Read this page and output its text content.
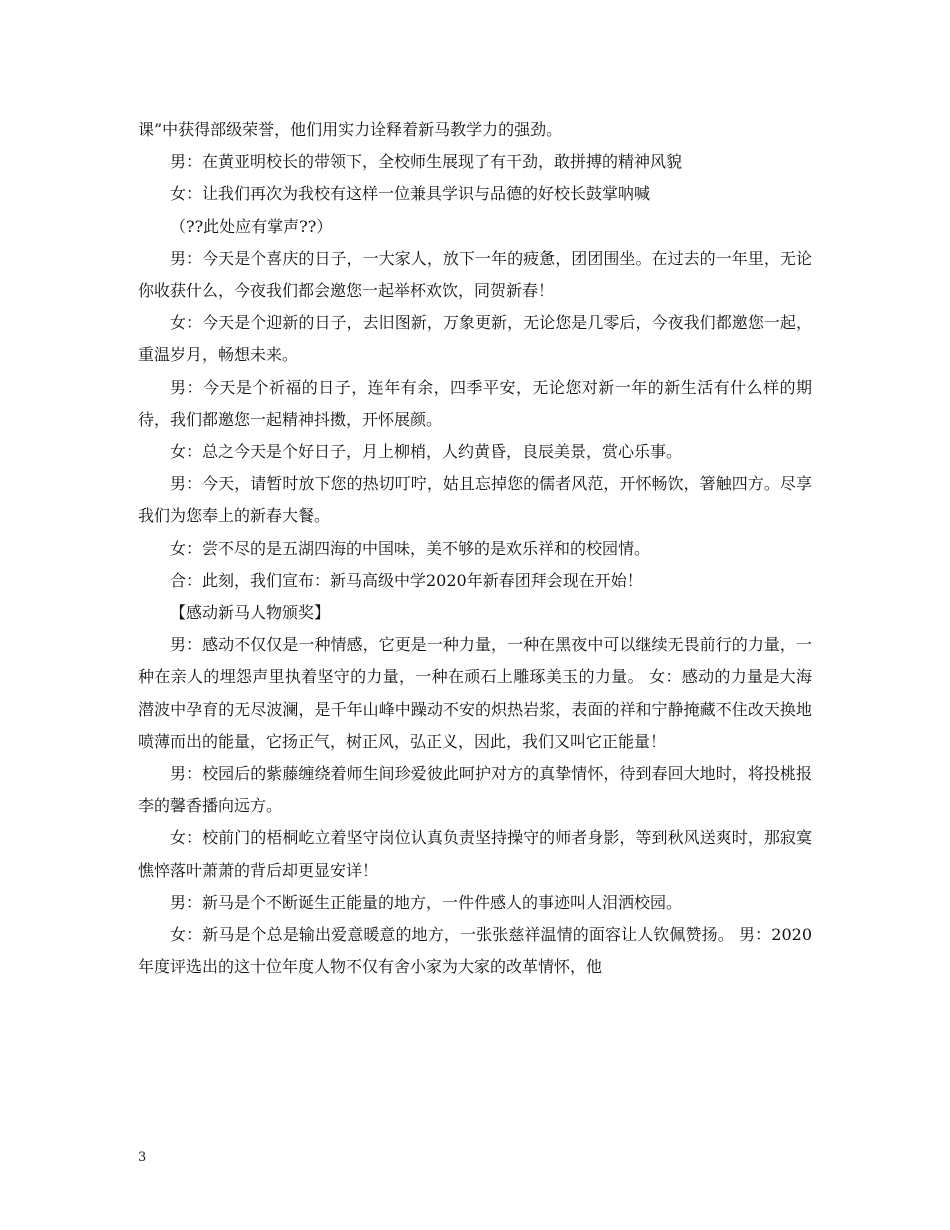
课”中获得部级荣誉，他们用实力诠释着新马教学力的强劲。

男：在黄亚明校长的带领下，全校师生展现了有干劲，敢拼搏的精神风貌

女：让我们再次为我校有这样一位兼具学识与品德的好校长鼓掌呐喊

（??此处应有掌声??）

男：今天是个喜庆的日子，一大家人，放下一年的疲惫，团团围坐。在过去的一年里，无论你收获什么，今夜我们都会邀您一起举杯欢饮，同贺新春！

女：今天是个迎新的日子，去旧图新，万象更新，无论您是几零后，今夜我们都邀您一起，重温岁月，畅想未来。

男：今天是个祈福的日子，连年有余，四季平安，无论您对新一年的新生活有什么样的期待，我们都邀您一起精神抖擞，开怀展颜。

女：总之今天是个好日子，月上柳梢，人约黄昏，良辰美景，赏心乐事。

男：今天，请暂时放下您的热切叮咛，姑且忘掉您的儒者风范，开怀畅饮，箸触四方。尽享我们为您奉上的新春大餐。

女：尝不尽的是五湖四海的中国味，美不够的是欢乐祥和的校园情。

合：此刻，我们宣布：新马高级中学2020年新春团拜会现在开始！

【感动新马人物颁奖】

男：感动不仅仅是一种情感，它更是一种力量，一种在黑夜中可以继续无畏前行的力量，一种在亲人的埋怨声里执着坚守的力量，一种在顽石上雕琢美玉的力量。 女：感动的力量是大海潜波中孕育的无尽波澜，是千年山峰中躁动不安的炽热岩浆，表面的祥和宁静掩藏不住改天换地喷薄而出的能量，它扬正气，树正风，弘正义，因此，我们又叫它正能量！

男：校园后的紫藤缠绕着师生间珍爱彼此呵护对方的真挚情怀，待到春回大地时，将投桃报李的馨香播向远方。

女：校前门的梧桐屹立着坚守岗位认真负责坚持操守的师者身影，等到秋风送爽时，那寂寞憔悴落叶萧萧的背后却更显安详！

男：新马是个不断诞生正能量的地方，一件件感人的事迹叫人泪洒校园。

女：新马是个总是输出爱意暖意的地方，一张张慈祥温情的面容让人钦佩赞扬。 男：2020年度评选出的这十位年度人物不仅有舍小家为大家的改革情怀，他

3
